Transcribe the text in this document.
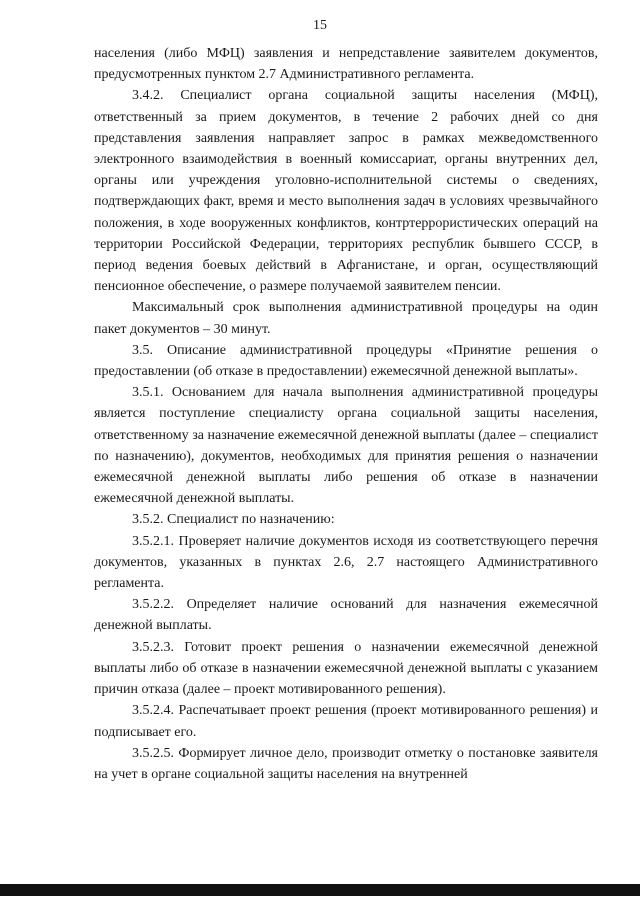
15

населения (либо МФЦ) заявления и непредставление заявителем документов, предусмотренных пунктом 2.7 Административного регламента.

3.4.2. Специалист органа социальной защиты населения (МФЦ), ответственный за прием документов, в течение 2 рабочих дней со дня представления заявления направляет запрос в рамках межведомственного электронного взаимодействия в военный комиссариат, органы внутренних дел, органы или учреждения уголовно-исполнительной системы о сведениях, подтверждающих факт, время и место выполнения задач в условиях чрезвычайного положения, в ходе вооруженных конфликтов, контртеррористических операций на территории Российской Федерации, территориях республик бывшего СССР, в период ведения боевых действий в Афганистане, и орган, осуществляющий пенсионное обеспечение, о размере получаемой заявителем пенсии.

Максимальный срок выполнения административной процедуры на один пакет документов – 30 минут.

3.5. Описание административной процедуры «Принятие решения о предоставлении (об отказе в предоставлении) ежемесячной денежной выплаты».

3.5.1. Основанием для начала выполнения административной процедуры является поступление специалисту органа социальной защиты населения, ответственному за назначение ежемесячной денежной выплаты (далее – специалист по назначению), документов, необходимых для принятия решения о назначении ежемесячной денежной выплаты либо решения об отказе в назначении ежемесячной денежной выплаты.

3.5.2. Специалист по назначению:

3.5.2.1. Проверяет наличие документов исходя из соответствующего перечня документов, указанных в пунктах 2.6, 2.7 настоящего Административного регламента.

3.5.2.2. Определяет наличие оснований для назначения ежемесячной денежной выплаты.

3.5.2.3. Готовит проект решения о назначении ежемесячной денежной выплаты либо об отказе в назначении ежемесячной денежной выплаты с указанием причин отказа (далее – проект мотивированного решения).

3.5.2.4. Распечатывает проект решения (проект мотивированного решения) и подписывает его.

3.5.2.5. Формирует личное дело, производит отметку о постановке заявителя на учет в органе социальной защиты населения на внутренней
